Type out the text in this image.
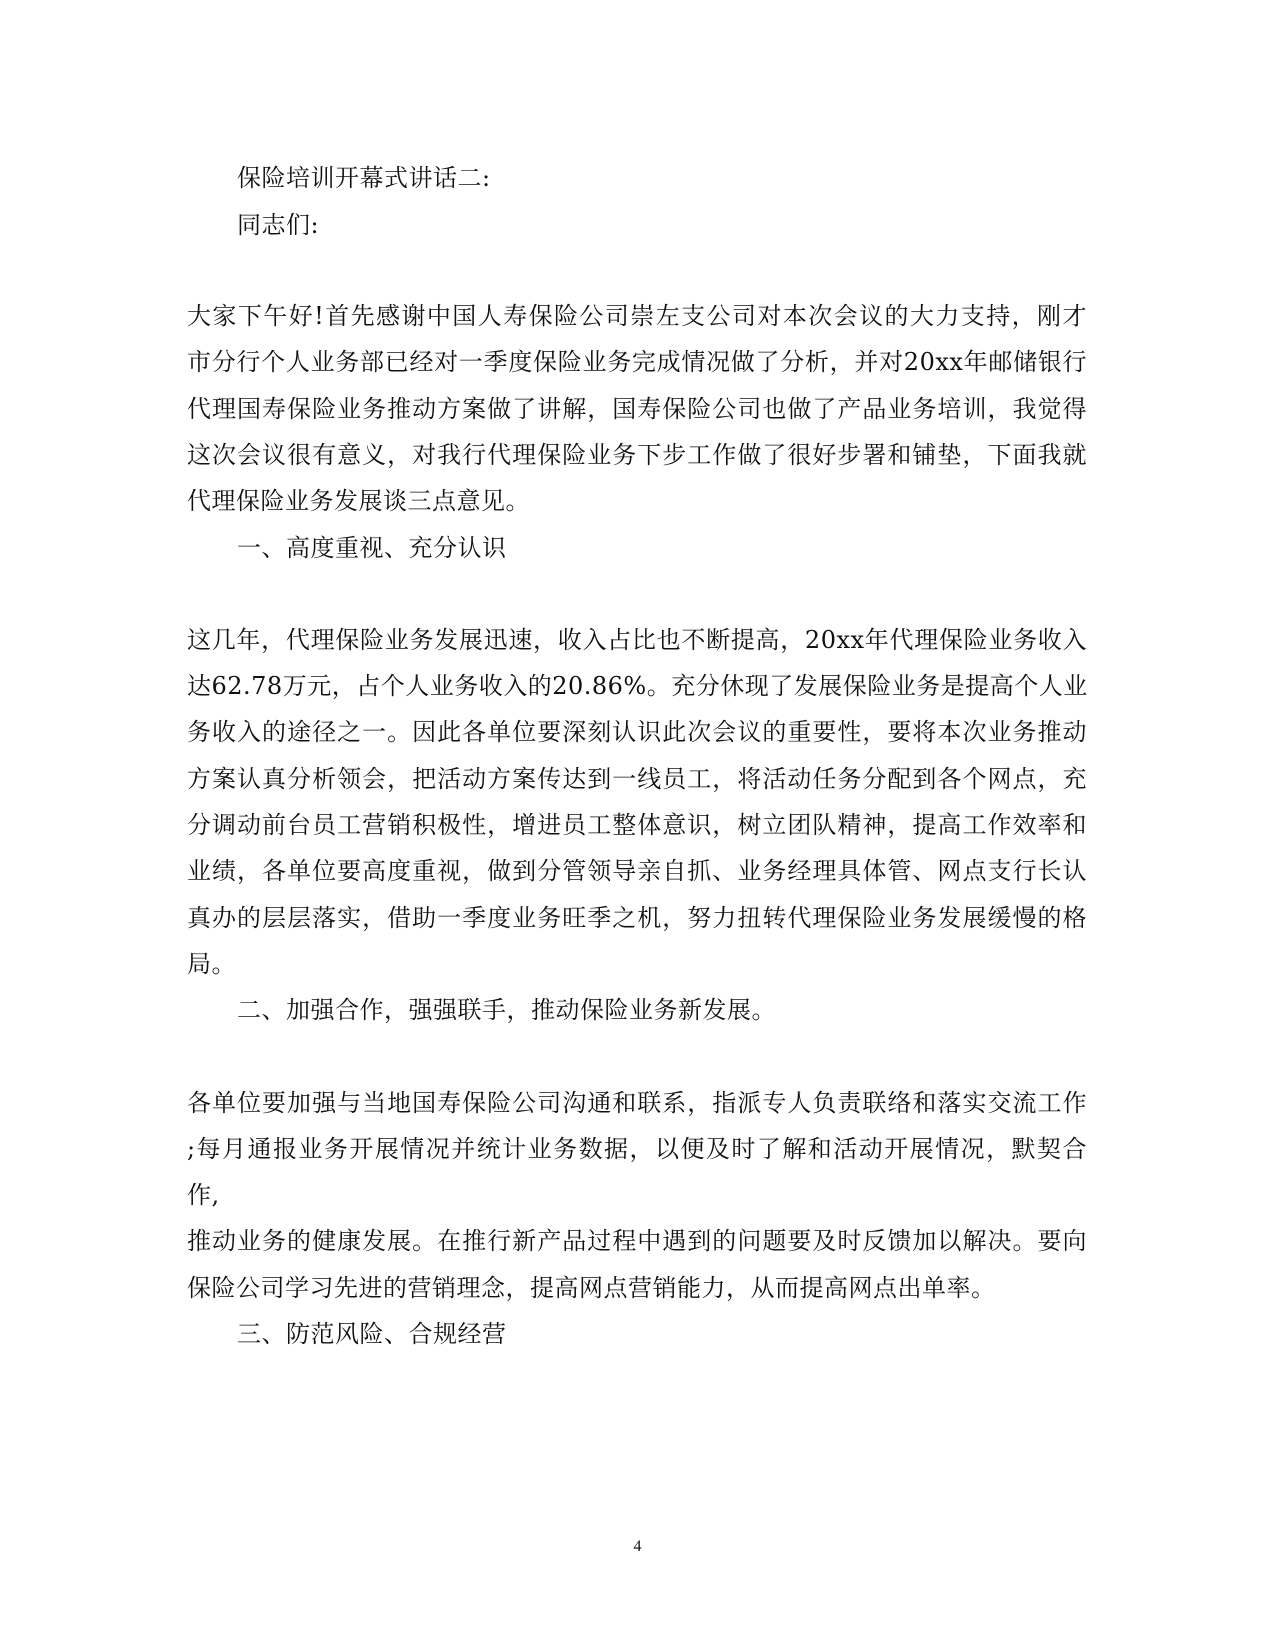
保险培训开幕式讲话二:
同志们:
大家下午好!首先感谢中国人寿保险公司崇左支公司对本次会议的大力支持，刚才
市分行个人业务部已经对一季度保险业务完成情况做了分析，并对20xx年邮储银行
代理国寿保险业务推动方案做了讲解，国寿保险公司也做了产品业务培训，我觉得
这次会议很有意义，对我行代理保险业务下步工作做了很好步署和铺垫，下面我就
代理保险业务发展谈三点意见。
一、高度重视、充分认识
这几年，代理保险业务发展迅速，收入占比也不断提高，20xx年代理保险业务收入
达62.78万元，占个人业务收入的20.86%。充分休现了发展保险业务是提高个人业
务收入的途径之一。因此各单位要深刻认识此次会议的重要性，要将本次业务推动
方案认真分析领会，把活动方案传达到一线员工，将活动任务分配到各个网点，充
分调动前台员工营销积极性，增进员工整体意识，树立团队精神，提高工作效率和
业绩，各单位要高度重视，做到分管领导亲自抓、业务经理具体管、网点支行长认
真办的层层落实，借助一季度业务旺季之机，努力扭转代理保险业务发展缓慢的格
局。
二、加强合作，强强联手，推动保险业务新发展。
各单位要加强与当地国寿保险公司沟通和联系，指派专人负责联络和落实交流工作
;每月通报业务开展情况并统计业务数据，以便及时了解和活动开展情况，默契合
作,
推动业务的健康发展。在推行新产品过程中遇到的问题要及时反馈加以解决。要向
保险公司学习先进的营销理念，提高网点营销能力，从而提高网点出单率。
三、防范风险、合规经营
4
